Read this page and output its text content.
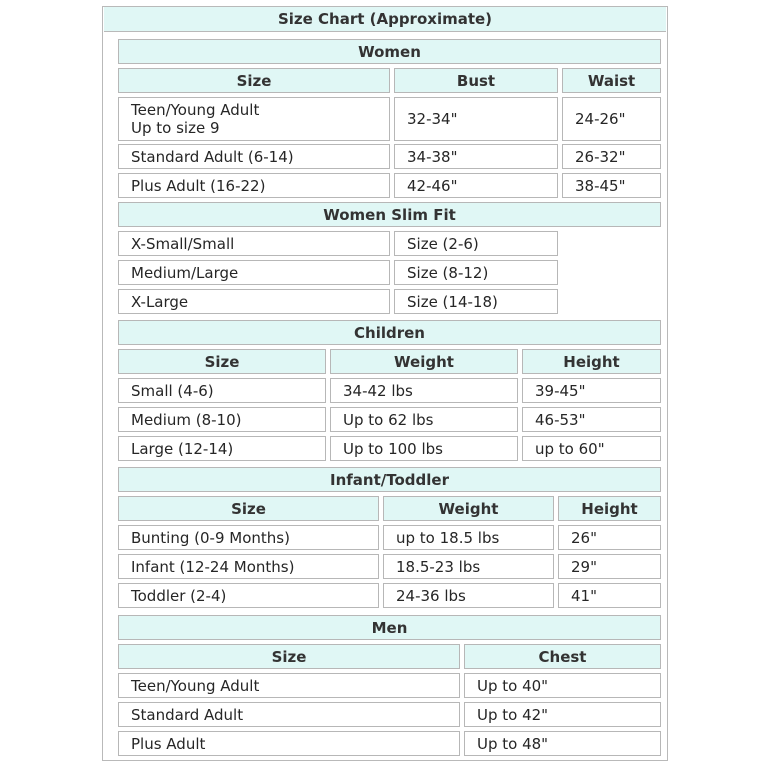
Size Chart (Approximate)
Women
Size	Bust	Waist
Teen/Young Adult
Up to size 9	32-34"	24-26"
Standard Adult (6-14)	34-38"	26-32"
Plus Adult (16-22)	42-46"	38-45"
Women Slim Fit
X-Small/Small	Size (2-6)
Medium/Large	Size (8-12)
X-Large	Size (14-18)
Children
Size	Weight	Height
Small (4-6)	34-42 lbs	39-45"
Medium (8-10)	Up to 62 lbs	46-53"
Large (12-14)	Up to 100 lbs	up to 60"
Infant/Toddler
Size	Weight	Height
Bunting (0-9 Months)	up to 18.5 lbs	26"
Infant (12-24 Months)	18.5-23 lbs	29"
Toddler (2-4)	24-36 lbs	41"
Men
Size	Chest
Teen/Young Adult	Up to 40"
Standard Adult	Up to 42"
Plus Adult	Up to 48"
